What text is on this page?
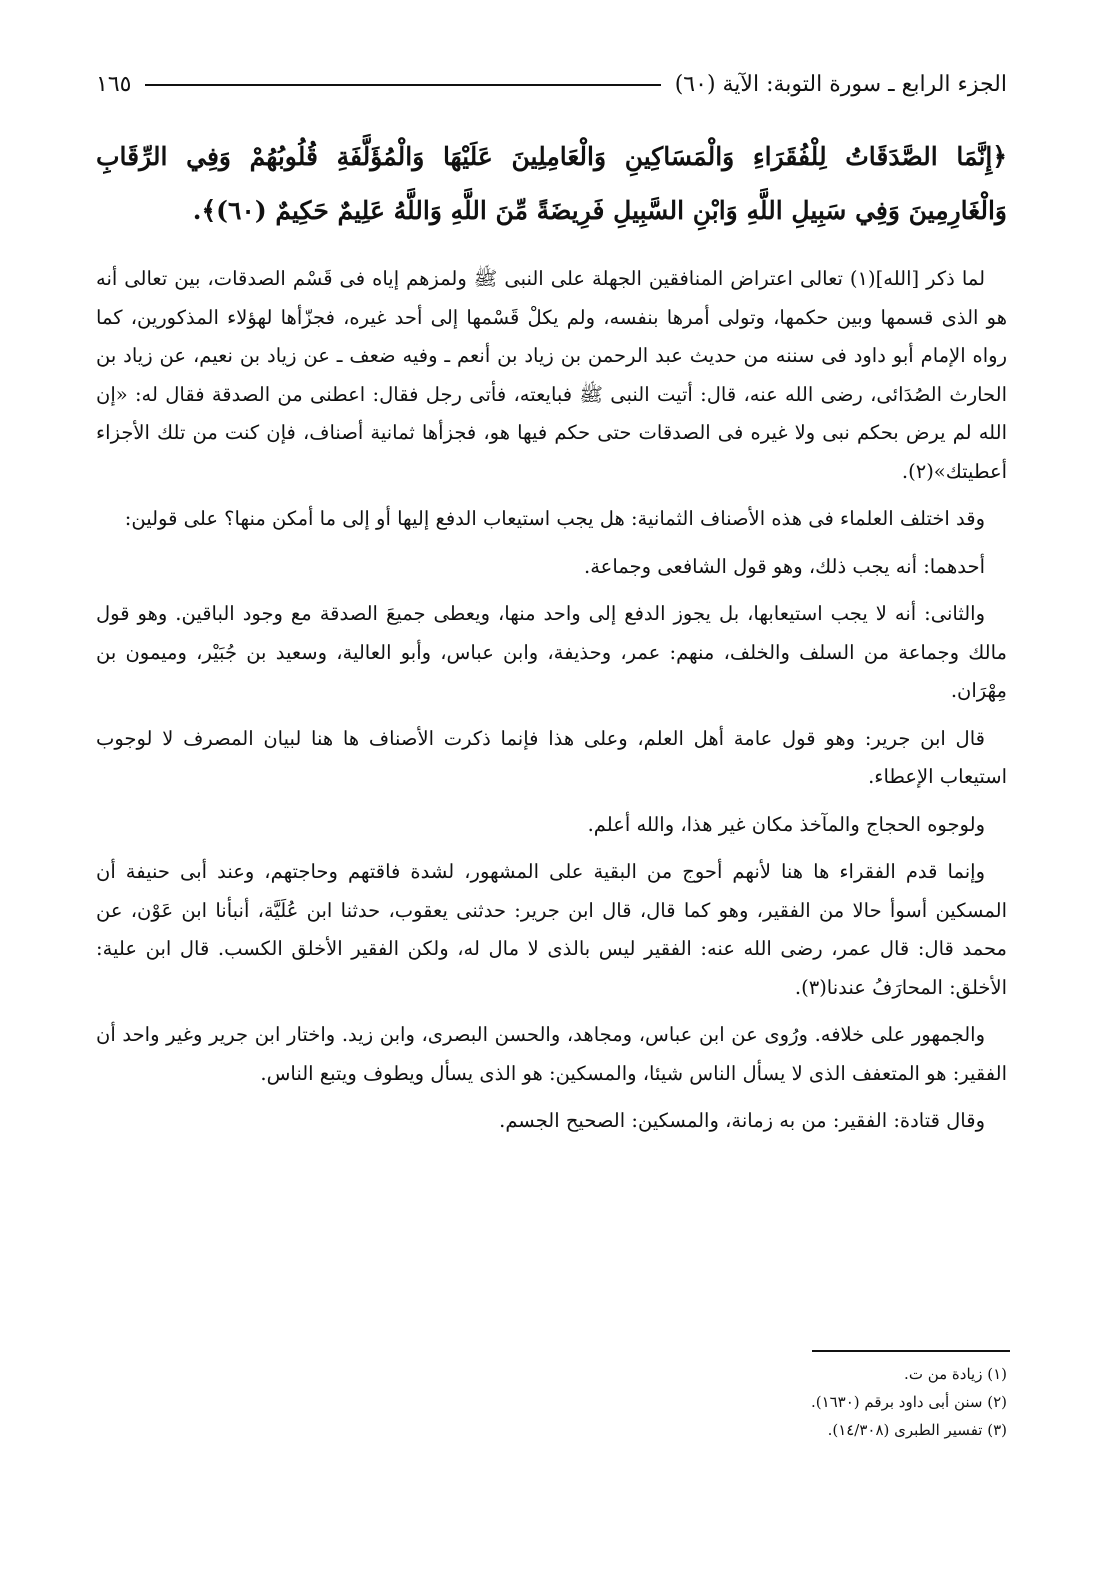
الجزء الرابع ـ سورة التوبة: الآية (٦٠)
١٦٥
﴿إِنَّمَا الصَّدَقَاتُ لِلْفُقَرَاءِ وَالْمَسَاكِينِ وَالْعَامِلِينَ عَلَيْهَا وَالْمُؤَلَّفَةِ قُلُوبُهُمْ وَفِي الرِّقَابِ وَالْغَارِمِينَ وَفِي سَبِيلِ اللَّهِ وَابْنِ السَّبِيلِ فَرِيضَةً مِّنَ اللَّهِ وَاللَّهُ عَلِيمٌ حَكِيمٌ (٦٠)﴾.

لما ذكر [الله](١) تعالى اعتراض المنافقين الجهلة على النبى ﷺ ولمزهم إياه فى قَسْم الصدقات، بين تعالى أنه هو الذى قسمها وبين حكمها، وتولى أمرها بنفسه، ولم يكلْ قَسْمها إلى أحد غيره، فجزّأها لهؤلاء المذكورين، كما رواه الإمام أبو داود فى سننه من حديث عبد الرحمن بن زياد بن أنعم ـ وفيه ضعف ـ عن زياد بن نعيم، عن زياد بن الحارث الصُدَائى، رضى الله عنه، قال: أتيت النبى ﷺ فبايعته، فأتى رجل فقال: اعطنى من الصدقة فقال له: «إن الله لم يرض بحكم نبى ولا غيره فى الصدقات حتى حكم فيها هو، فجزأها ثمانية أصناف، فإن كنت من تلك الأجزاء أعطيتك»(٢).

وقد اختلف العلماء فى هذه الأصناف الثمانية: هل يجب استيعاب الدفع إليها أو إلى ما أمكن منها؟ على قولين:

أحدهما: أنه يجب ذلك، وهو قول الشافعى وجماعة.

والثانى: أنه لا يجب استيعابها، بل يجوز الدفع إلى واحد منها، ويعطى جميعَ الصدقة مع وجود الباقين. وهو قول مالك وجماعة من السلف والخلف، منهم: عمر، وحذيفة، وابن عباس، وأبو العالية، وسعيد بن جُبَيْر، وميمون بن مِهْرَان.

قال ابن جرير: وهو قول عامة أهل العلم، وعلى هذا فإنما ذكرت الأصناف ها هنا لبيان المصرف لا لوجوب استيعاب الإعطاء.

ولوجوه الحجاج والمآخذ مكان غير هذا، والله أعلم.

وإنما قدم الفقراء ها هنا لأنهم أحوج من البقية على المشهور، لشدة فاقتهم وحاجتهم، وعند أبى حنيفة أن المسكين أسوأ حالا من الفقير، وهو كما قال، قال ابن جرير: حدثنى يعقوب، حدثنا ابن عُلَيَّة، أنبأنا ابن عَوْن، عن محمد قال: قال عمر، رضى الله عنه: الفقير ليس بالذى لا مال له، ولكن الفقير الأخلق الكسب. قال ابن علية: الأخلق: المحارَفُ عندنا(٣).

والجمهور على خلافه. ورُوى عن ابن عباس، ومجاهد، والحسن البصرى، وابن زيد. واختار ابن جرير وغير واحد أن الفقير: هو المتعفف الذى لا يسأل الناس شيئا، والمسكين: هو الذى يسأل ويطوف ويتبع الناس.

وقال قتادة: الفقير: من به زمانة، والمسكين: الصحيح الجسم.

(١) زيادة من ت.

(٢) سنن أبى داود برقم (١٦٣٠).

(٣) تفسير الطبرى (١٤/٣٠٨).
